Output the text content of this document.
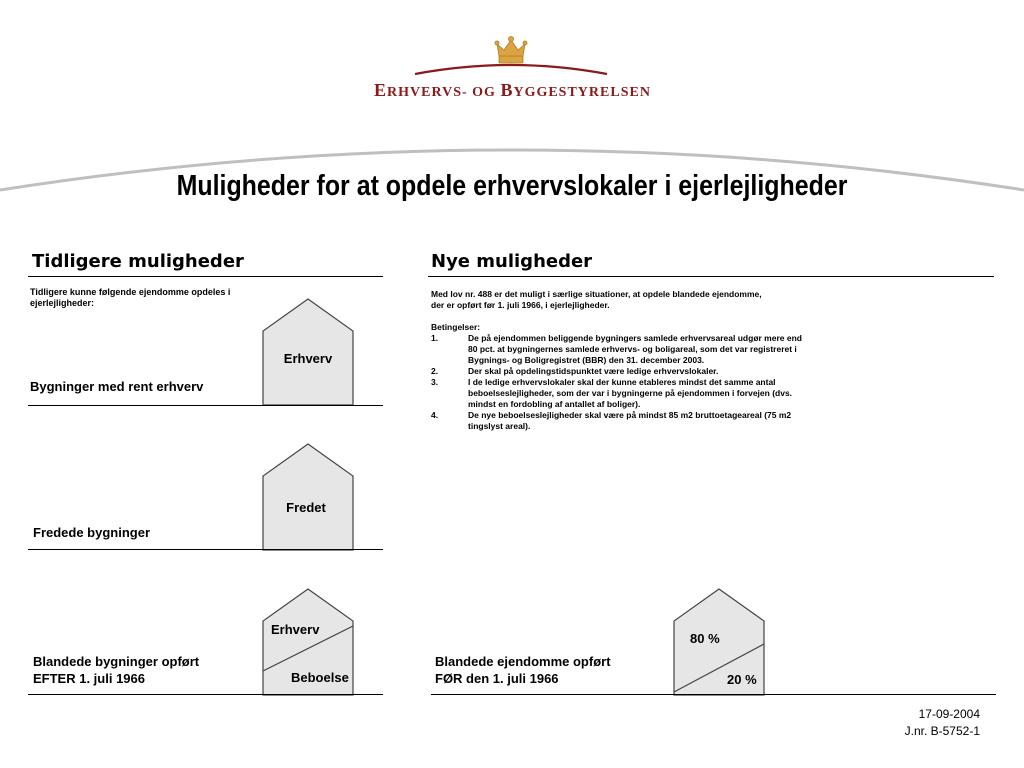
ERHVERVS- OG BYGGESTYRELSEN
Muligheder for at opdele erhvervslokaler i ejerlejligheder
Tidligere muligheder
Tidligere kunne følgende ejendomme opdeles i ejerlejligheder:
Bygninger med rent erhverv
Erhverv
Fredede bygninger
Fredet
Blandede bygninger opført
EFTER 1. juli 1966
Erhverv
Beboelse
Nye muligheder
Med lov nr. 488 er det muligt i særlige situationer, at opdele blandede ejendomme,
der er opført før 1. juli 1966, i ejerlejligheder.
Betingelser:
1.	De på ejendommen beliggende bygningers samlede erhvervsareal udgør mere end
80 pct. at bygningernes samlede erhvervs- og boligareal, som det var registreret i
Bygnings- og Boligregistret (BBR) den 31. december 2003.
2.	Der skal på opdelingstidspunktet være ledige erhvervslokaler.
3.	I de ledige erhvervslokaler skal der kunne etableres mindst det samme antal
beboelseslejligheder, som der var i bygningerne på ejendommen i forvejen (dvs.
mindst en fordobling af antallet af boliger).
4.	De nye beboelseslejligheder skal være på mindst 85 m2 bruttoetageareal (75 m2
tingslyst areal).
Blandede ejendomme opført
FØR den 1. juli 1966
80 %
20 %
17-09-2004
J.nr. B-5752-1
